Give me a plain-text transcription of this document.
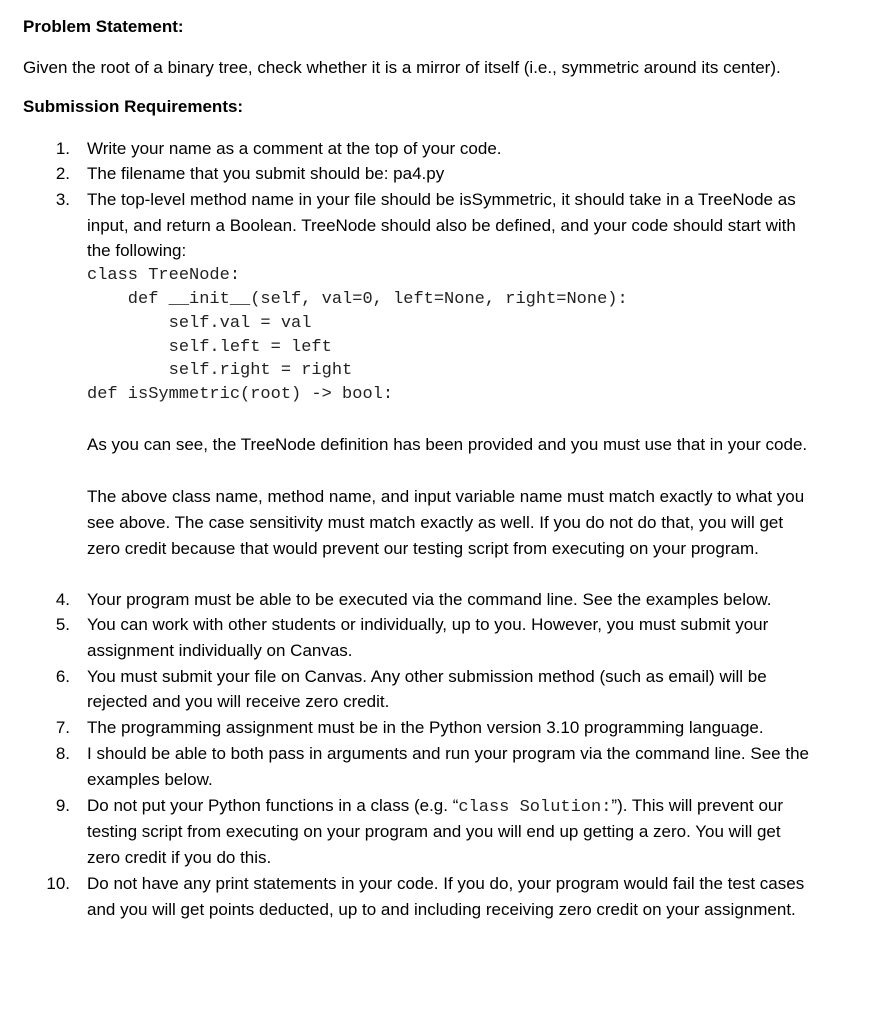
Problem Statement:
Given the root of a binary tree, check whether it is a mirror of itself (i.e., symmetric around its center).
Submission Requirements:
1. Write your name as a comment at the top of your code.
2. The filename that you submit should be: pa4.py
3. The top-level method name in your file should be isSymmetric, it should take in a TreeNode as
input, and return a Boolean. TreeNode should also be defined, and your code should start with
the following:
class TreeNode:
def __init__(self, val=0, left=None, right=None):
self.val = val
self.left = left
self.right = right
def isSymmetric(root) -> bool:
As you can see, the TreeNode definition has been provided and you must use that in your code.
The above class name, method name, and input variable name must match exactly to what you
see above. The case sensitivity must match exactly as well. If you do not do that, you will get
zero credit because that would prevent our testing script from executing on your program.
4. Your program must be able to be executed via the command line. See the examples below.
5. You can work with other students or individually, up to you. However, you must submit your
assignment individually on Canvas.
6. You must submit your file on Canvas. Any other submission method (such as email) will be
rejected and you will receive zero credit.
7. The programming assignment must be in the Python version 3.10 programming language.
8. I should be able to both pass in arguments and run your program via the command line. See the
examples below.
9. Do not put your Python functions in a class (e.g. “class Solution:”). This will prevent our
testing script from executing on your program and you will end up getting a zero. You will get
zero credit if you do this.
10. Do not have any print statements in your code. If you do, your program would fail the test cases
and you will get points deducted, up to and including receiving zero credit on your assignment.
